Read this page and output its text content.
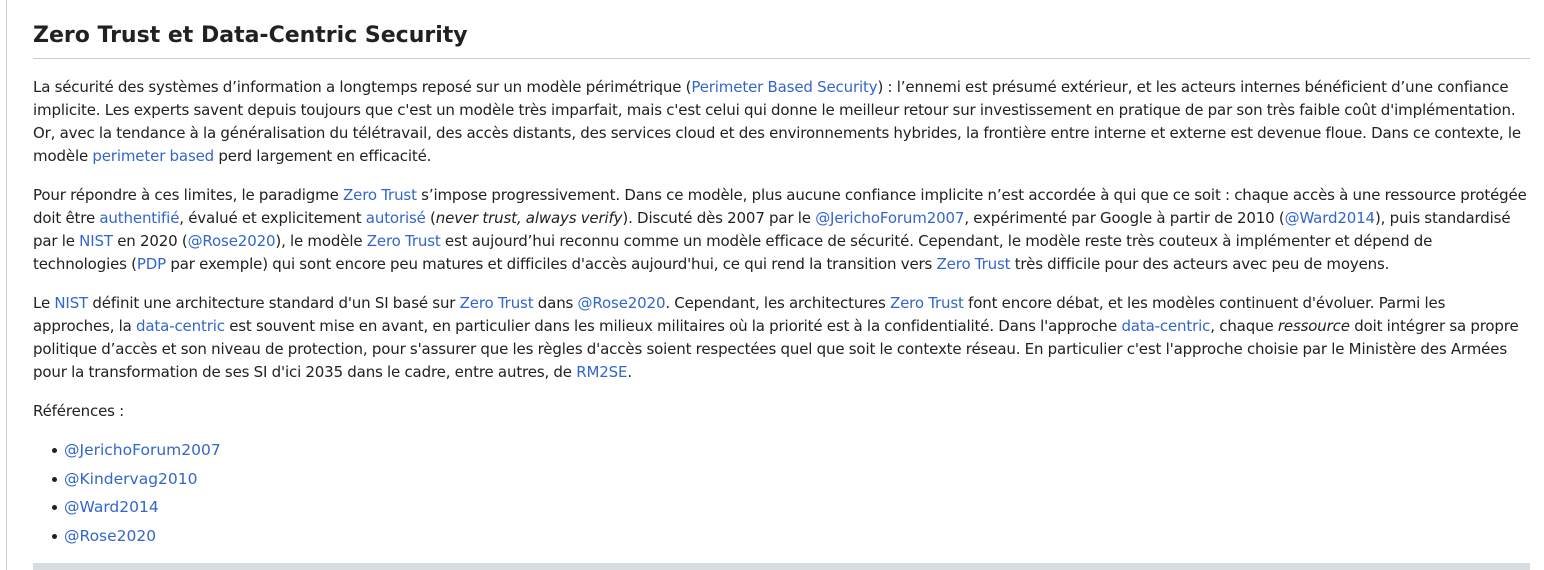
Zero Trust et Data-Centric Security

La sécurité des systèmes d’information a longtemps reposé sur un modèle périmétrique (Perimeter Based Security) : l’ennemi est présumé extérieur, et les acteurs internes bénéficient d’une confiance implicite. Les experts savent depuis toujours que c'est un modèle très imparfait, mais c'est celui qui donne le meilleur retour sur investissement en pratique de par son très faible coût d'implémentation. Or, avec la tendance à la généralisation du télétravail, des accès distants, des services cloud et des environnements hybrides, la frontière entre interne et externe est devenue floue. Dans ce contexte, le modèle perimeter based perd largement en efficacité.

Pour répondre à ces limites, le paradigme Zero Trust s’impose progressivement. Dans ce modèle, plus aucune confiance implicite n’est accordée à qui que ce soit : chaque accès à une ressource protégée doit être authentifié, évalué et explicitement autorisé (never trust, always verify). Discuté dès 2007 par le @JerichoForum2007, expérimenté par Google à partir de 2010 (@Ward2014), puis standardisé par le NIST en 2020 (@Rose2020), le modèle Zero Trust est aujourd’hui reconnu comme un modèle efficace de sécurité. Cependant, le modèle reste très couteux à implémenter et dépend de technologies (PDP par exemple) qui sont encore peu matures et difficiles d'accès aujourd'hui, ce qui rend la transition vers Zero Trust très difficile pour des acteurs avec peu de moyens.

Le NIST définit une architecture standard d'un SI basé sur Zero Trust dans @Rose2020. Cependant, les architectures Zero Trust font encore débat, et les modèles continuent d'évoluer. Parmi les approches, la data-centric est souvent mise en avant, en particulier dans les milieux militaires où la priorité est à la confidentialité. Dans l'approche data-centric, chaque ressource doit intégrer sa propre politique d’accès et son niveau de protection, pour s'assurer que les règles d'accès soient respectées quel que soit le contexte réseau. En particulier c'est l'approche choisie par le Ministère des Armées pour la transformation de ses SI d'ici 2035 dans le cadre, entre autres, de RM2SE.

Références :

@JerichoForum2007
@Kindervag2010
@Ward2014
@Rose2020
